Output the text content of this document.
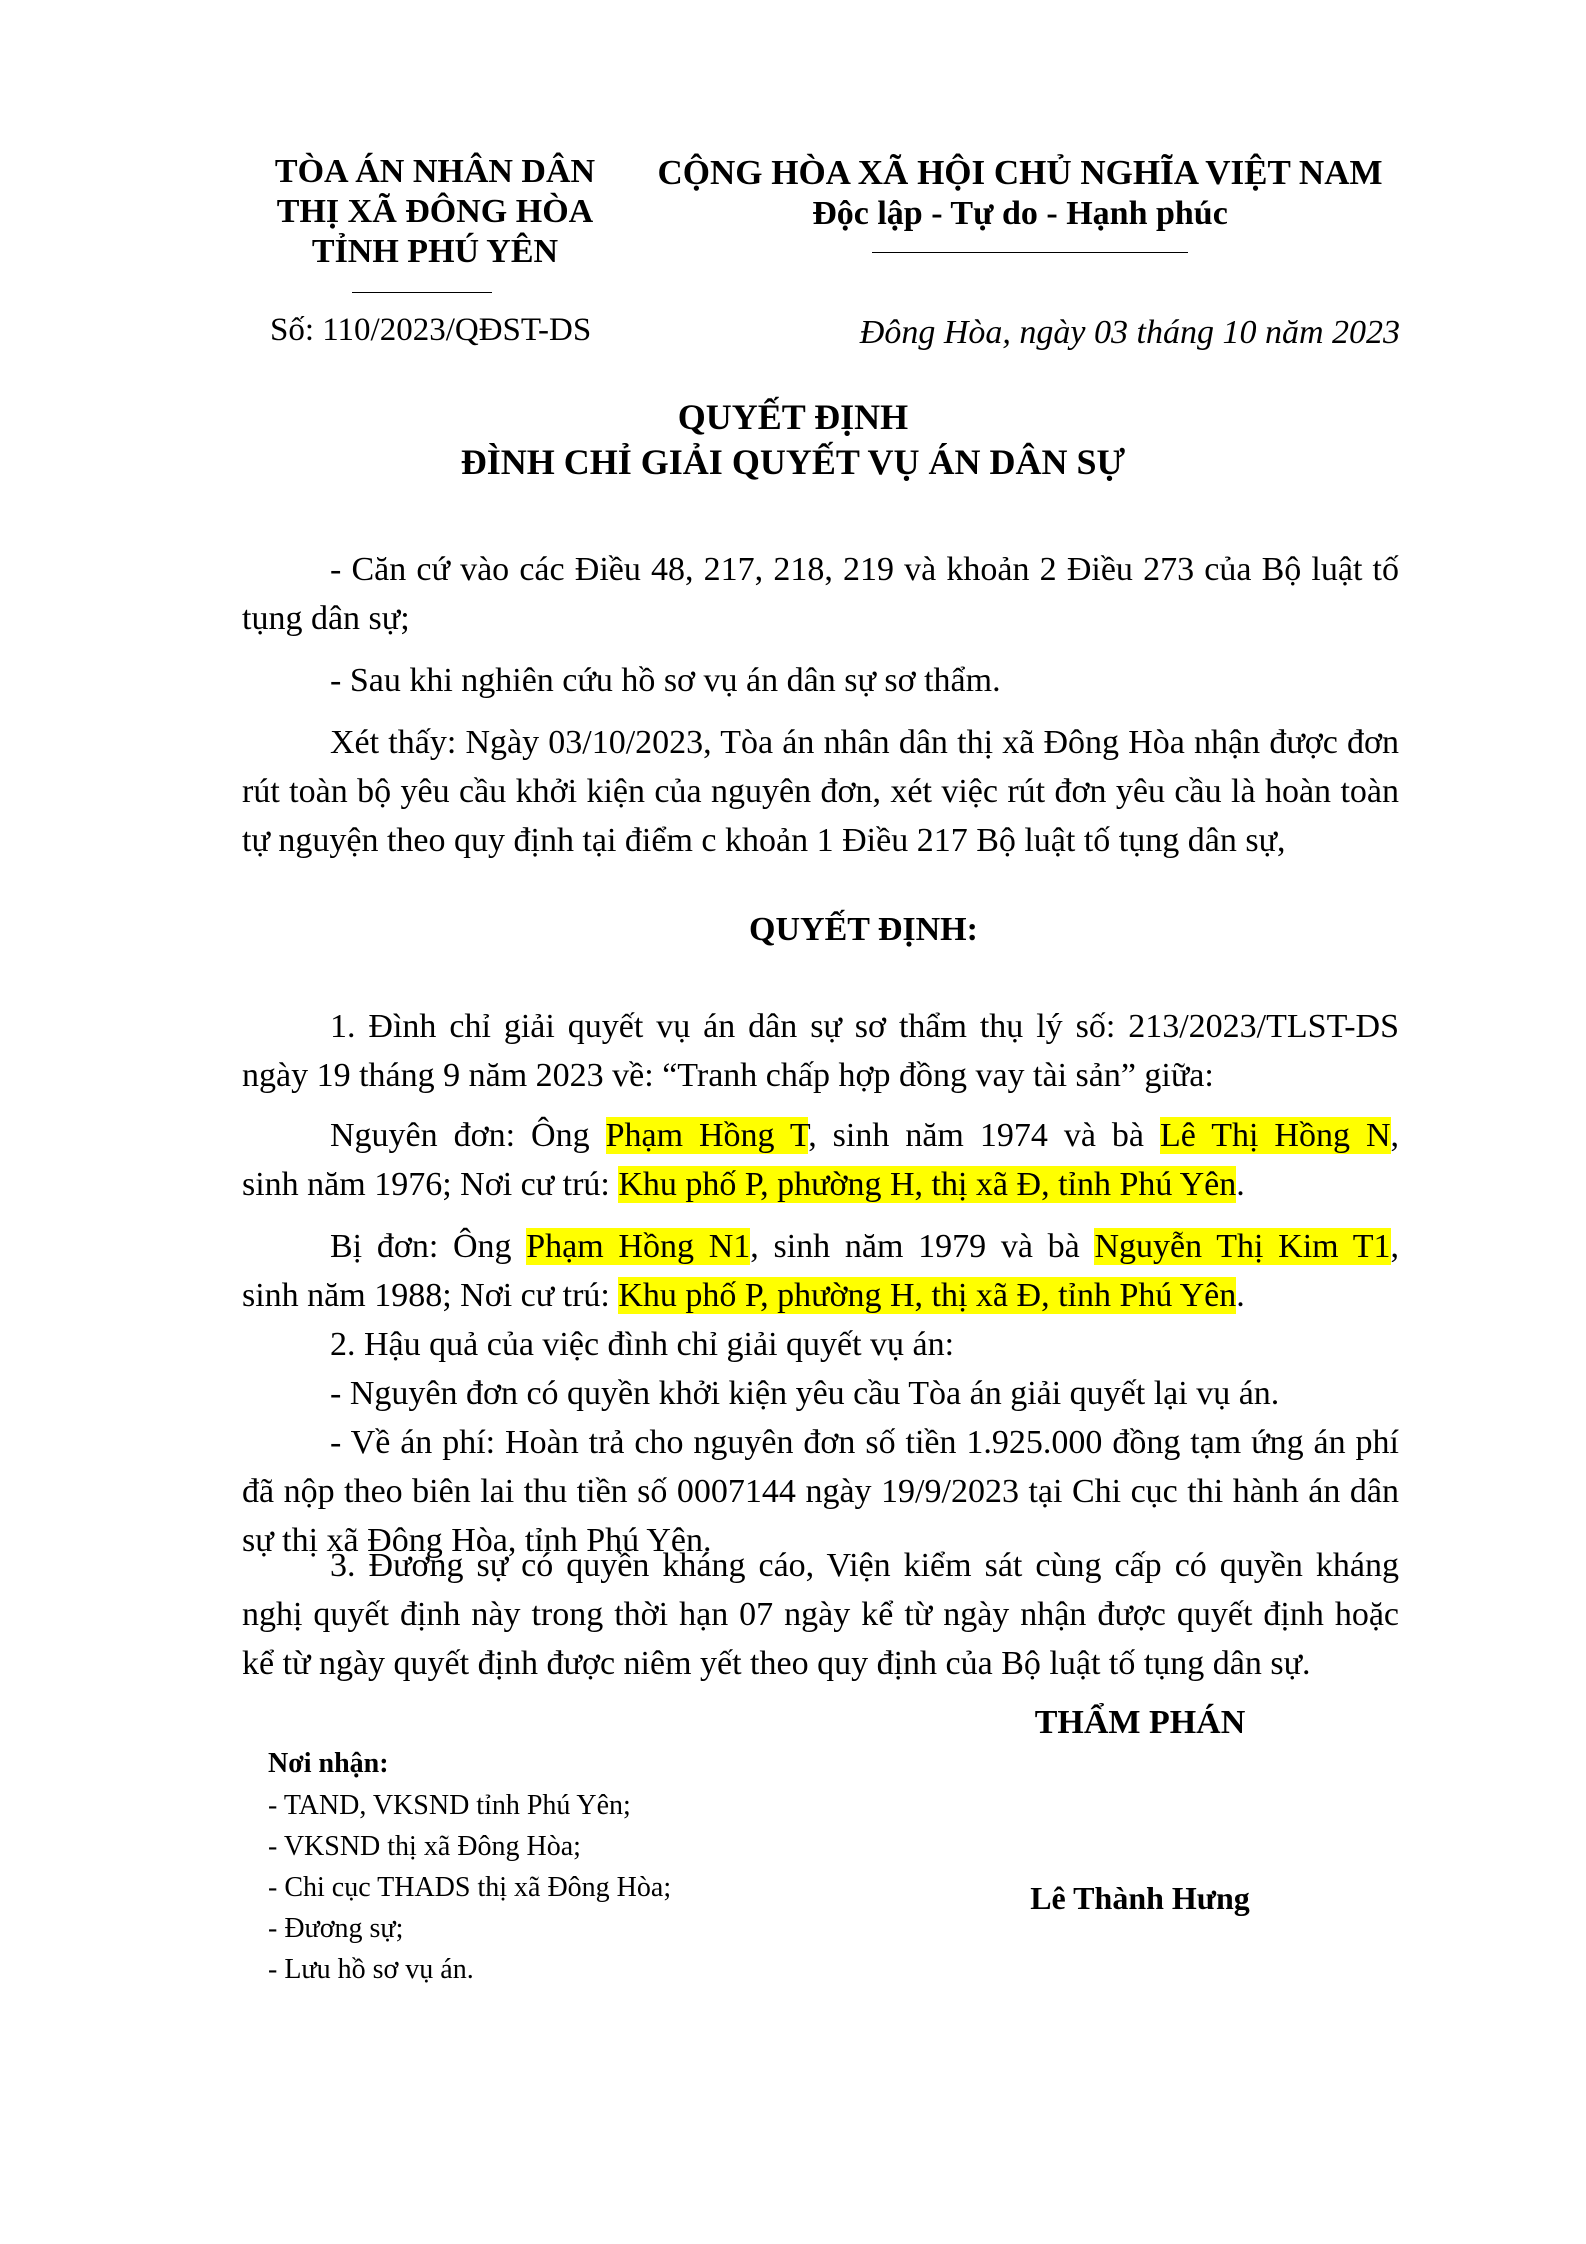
TÒA ÁN NHÂN DÂN
THỊ XÃ ĐÔNG HÒA
TỈNH PHÚ YÊN
CỘNG HÒA XÃ HỘI CHỦ NGHĨA VIỆT NAM
Độc lập - Tự do - Hạnh phúc
Số: 110/2023/QĐST-DS	Đông Hòa, ngày 03 tháng 10 năm 2023
QUYẾT ĐỊNH
ĐÌNH CHỈ GIẢI QUYẾT VỤ ÁN DÂN SỰ
- Căn cứ vào các Điều 48, 217, 218, 219 và khoản 2 Điều 273 của Bộ luật tố tụng dân sự;
- Sau khi nghiên cứu hồ sơ vụ án dân sự sơ thẩm.
Xét thấy: Ngày 03/10/2023, Tòa án nhân dân thị xã Đông Hòa nhận được đơn rút toàn bộ yêu cầu khởi kiện của nguyên đơn, xét việc rút đơn yêu cầu là hoàn toàn tự nguyện theo quy định tại điểm c khoản 1 Điều 217 Bộ luật tố tụng dân sự,
QUYẾT ĐỊNH:
1. Đình chỉ giải quyết vụ án dân sự sơ thẩm thụ lý số: 213/2023/TLST-DS ngày 19 tháng 9 năm 2023 về: “Tranh chấp hợp đồng vay tài sản” giữa:
Nguyên đơn: Ông Phạm Hồng T, sinh năm 1974 và bà Lê Thị Hồng N,
sinh năm 1976; Nơi cư trú: Khu phố P, phường H, thị xã Đ, tỉnh Phú Yên.
Bị đơn: Ông Phạm Hồng N1, sinh năm 1979 và bà Nguyễn Thị Kim T1,
sinh năm 1988; Nơi cư trú: Khu phố P, phường H, thị xã Đ, tỉnh Phú Yên.
2. Hậu quả của việc đình chỉ giải quyết vụ án:
- Nguyên đơn có quyền khởi kiện yêu cầu Tòa án giải quyết lại vụ án.
- Về án phí: Hoàn trả cho nguyên đơn số tiền 1.925.000 đồng tạm ứng án phí đã nộp theo biên lai thu tiền số 0007144 ngày 19/9/2023 tại Chi cục thi hành án dân sự thị xã Đông Hòa, tỉnh Phú Yên.
3. Đương sự có quyền kháng cáo, Viện kiểm sát cùng cấp có quyền kháng nghị quyết định này trong thời hạn 07 ngày kể từ ngày nhận được quyết định hoặc kể từ ngày quyết định được niêm yết theo quy định của Bộ luật tố tụng dân sự.
Nơi nhận:
- TAND, VKSND tỉnh Phú Yên;
- VKSND thị xã Đông Hòa;
- Chi cục THADS thị xã Đông Hòa;
- Đương sự;
- Lưu hồ sơ vụ án.
THẨM PHÁN
Lê Thành Hưng
